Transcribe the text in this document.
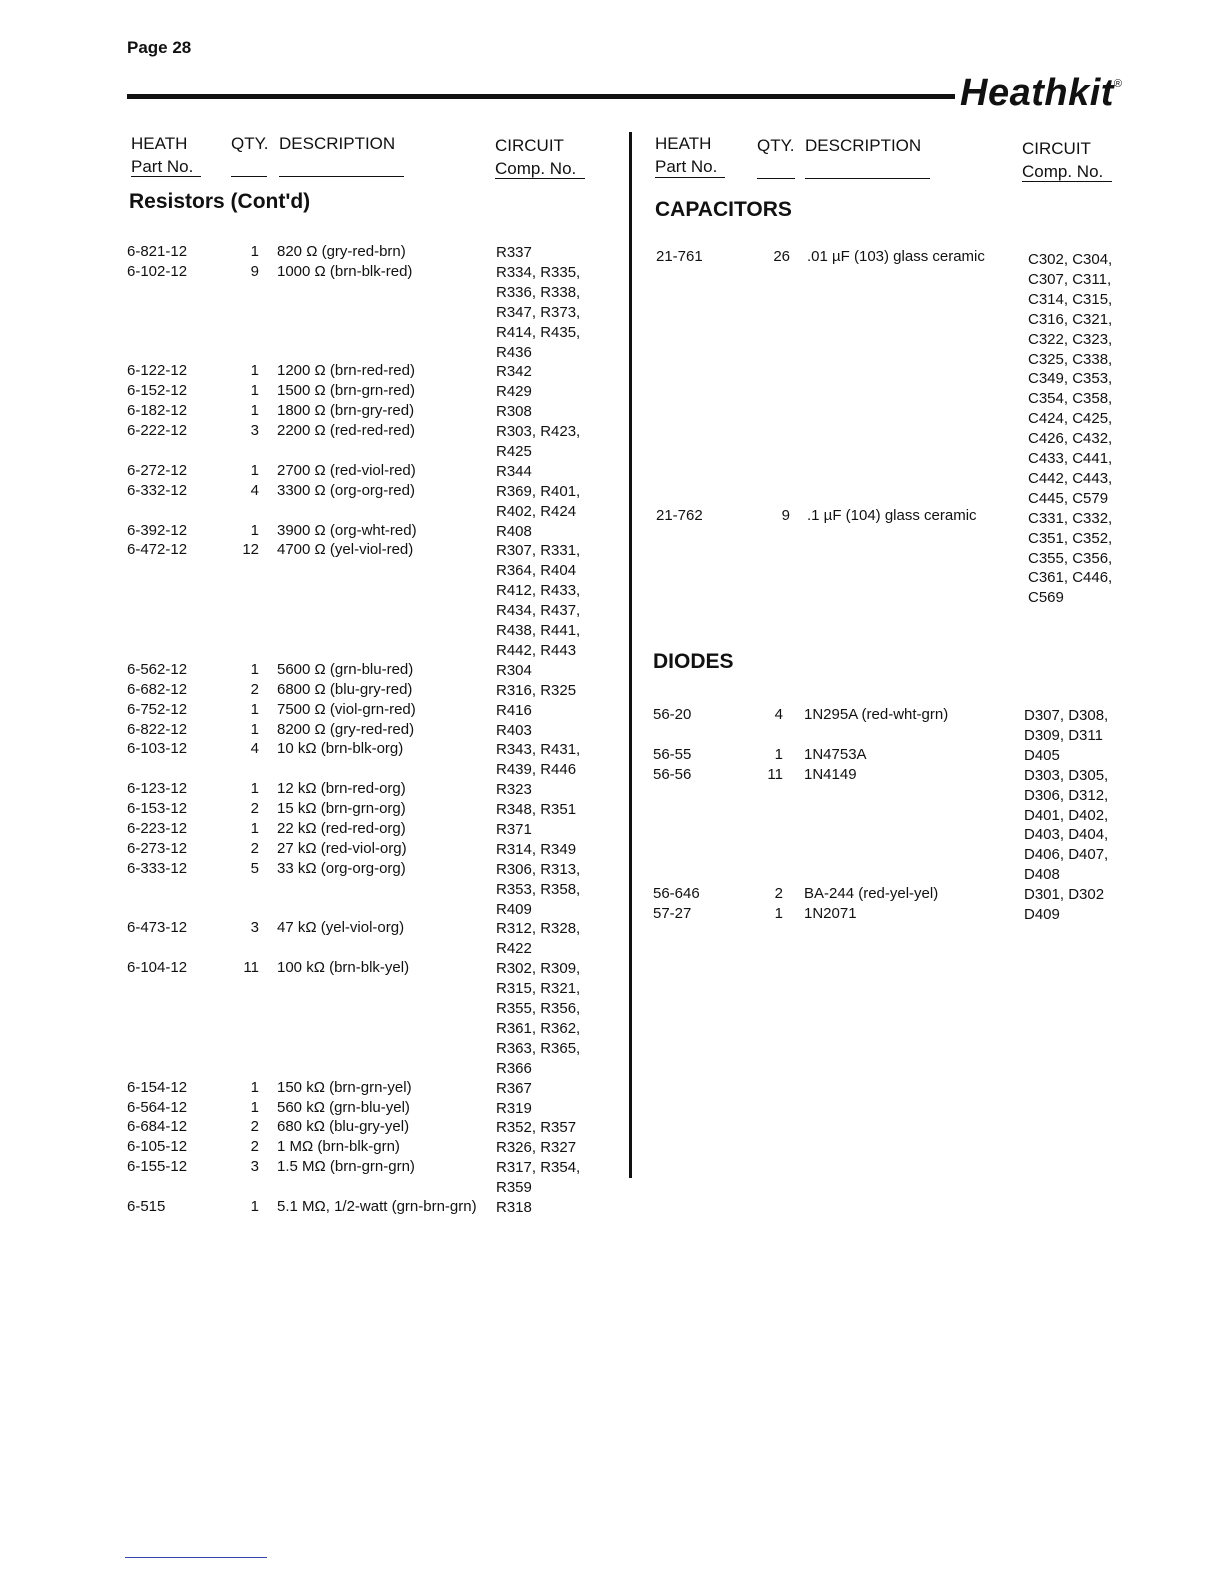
Page 28
Heathkit®
HEATH
Part No.
QTY. DESCRIPTION	CIRCUIT
Comp. No.
HEATH
Part No.
QTY. DESCRIPTION	CIRCUIT
Comp. No.
Resistors (Cont'd)	CAPACITORS
DIODES
6-821-12	1 820 Ω (gry-red-brn)	R337
6-102-12	9 1000 Ω (brn-blk-red)	R334, R335,
R336, R338,
R347, R373,
R414, R435,
R436
6-122-12	1 1200 Ω (brn-red-red)	R342
6-152-12	1 1500 Ω (brn-grn-red)	R429
6-182-12	1 1800 Ω (brn-gry-red)	R308
6-222-12	3 2200 Ω (red-red-red)	R303, R423,
R425
6-272-12	1 2700 Ω (red-viol-red)	R344
6-332-12	4 3300 Ω (org-org-red)	R369, R401,
R402, R424
6-392-12	1 3900 Ω (org-wht-red)	R408
6-472-12	12 4700 Ω (yel-viol-red)	R307, R331,
R364, R404
R412, R433,
R434, R437,
R438, R441,
R442, R443
6-562-12	1 5600 Ω (grn-blu-red)	R304
6-682-12	2 6800 Ω (blu-gry-red)	R316, R325
6-752-12	1 7500 Ω (viol-grn-red)	R416
6-822-12	1 8200 Ω (gry-red-red)	R403
6-103-12	4 10 kΩ (brn-blk-org)	R343, R431,
R439, R446
6-123-12	1 12 kΩ (brn-red-org)	R323
6-153-12	2 15 kΩ (brn-grn-org)	R348, R351
6-223-12	1 22 kΩ (red-red-org)	R371
6-273-12	2 27 kΩ (red-viol-org)	R314, R349
6-333-12	5 33 kΩ (org-org-org)	R306, R313,
R353, R358,
R409
6-473-12	3 47 kΩ (yel-viol-org)	R312, R328,
R422
6-104-12	11 100 kΩ (brn-blk-yel)	R302, R309,
R315, R321,
R355, R356,
R361, R362,
R363, R365,
R366
6-154-12	1 150 kΩ (brn-grn-yel)	R367
6-564-12	1 560 kΩ (grn-blu-yel)	R319
6-684-12	2 680 kΩ (blu-gry-yel)	R352, R357
6-105-12	2 1 MΩ (brn-blk-grn)	R326, R327
6-155-12	3 1.5 MΩ (brn-grn-grn)	R317, R354,
R359
6-515	1 5.1 MΩ, 1/2-watt (grn-brn-grn) R318
21-761	26 .01 µF (103) glass ceramic	C302, C304,
C307, C311,
C314, C315,
C316, C321,
C322, C323,
C325, C338,
C349, C353,
C354, C358,
C424, C425,
C426, C432,
C433, C441,
C442, C443,
C445, C579
21-762	9 .1 µF (104) glass ceramic	C331, C332,
C351, C352,
C355, C356,
C361, C446,
C569
56-20	4 1N295A (red-wht-grn)	D307, D308,
D309, D311
56-55	1 1N4753A	D405
56-56	11 1N4149	D303, D305,
D306, D312,
D401, D402,
D403, D404,
D406, D407,
D408
56-646	2 BA-244 (red-yel-yel)	D301, D302
57-27	1 1N2071	D409
